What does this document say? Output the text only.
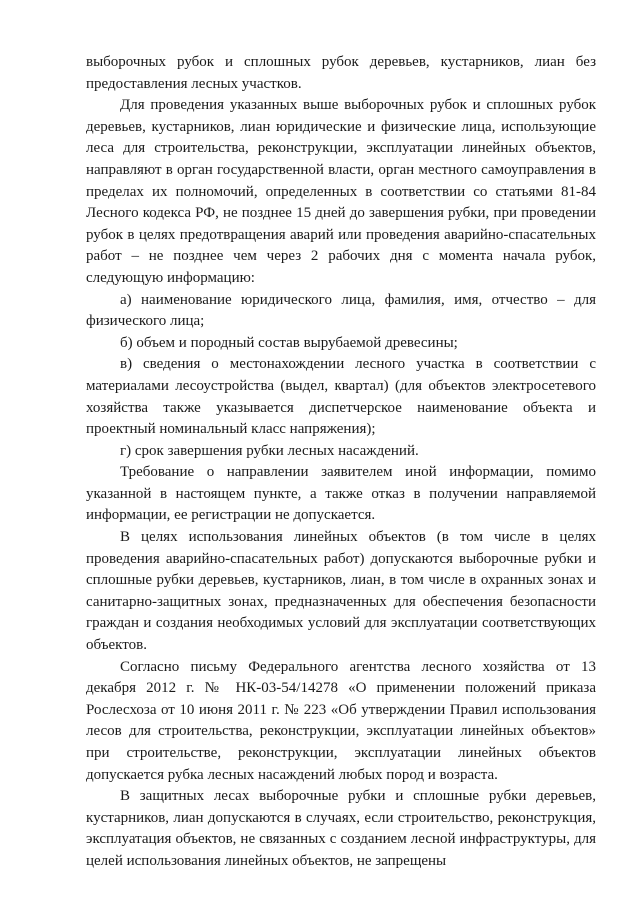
выборочных рубок и сплошных рубок деревьев, кустарников, лиан без предоставления лесных участков.

Для проведения указанных выше выборочных рубок и сплошных рубок деревьев, кустарников, лиан юридические и физические лица, использующие леса для строительства, реконструкции, эксплуатации линейных объектов, направляют в орган государственной власти, орган местного самоуправления в пределах их полномочий, определенных в соответствии со статьями 81-84 Лесного кодекса РФ, не позднее 15 дней до завершения рубки, при проведении рубок в целях предотвращения аварий или проведения аварийно-спасательных работ – не позднее чем через 2 рабочих дня с момента начала рубок, следующую информацию:

а) наименование юридического лица, фамилия, имя, отчество – для физического лица;

б) объем и породный состав вырубаемой древесины;

в) сведения о местонахождении лесного участка в соответствии с материалами лесоустройства (выдел, квартал) (для объектов электросетевого хозяйства также указывается диспетчерское наименование объекта и проектный номинальный класс напряжения);

г) срок завершения рубки лесных насаждений.

Требование о направлении заявителем иной информации, помимо указанной в настоящем пункте, а также отказ в получении направляемой информации, ее регистрации не допускается.

В целях использования линейных объектов (в том числе в целях проведения аварийно-спасательных работ) допускаются выборочные рубки и сплошные рубки деревьев, кустарников, лиан, в том числе в охранных зонах и санитарно-защитных зонах, предназначенных для обеспечения безопасности граждан и создания необходимых условий для эксплуатации соответствующих объектов.

Согласно письму Федерального агентства лесного хозяйства от 13 декабря 2012 г. № НК-03-54/14278 «О применении положений приказа Рослесхоза от 10 июня 2011 г. № 223 «Об утверждении Правил использования лесов для строительства, реконструкции, эксплуатации линейных объектов» при строительстве, реконструкции, эксплуатации линейных объектов допускается рубка лесных насаждений любых пород и возраста.

В защитных лесах выборочные рубки и сплошные рубки деревьев, кустарников, лиан допускаются в случаях, если строительство, реконструкция, эксплуатация объектов, не связанных с созданием лесной инфраструктуры, для целей использования линейных объектов, не запрещены
